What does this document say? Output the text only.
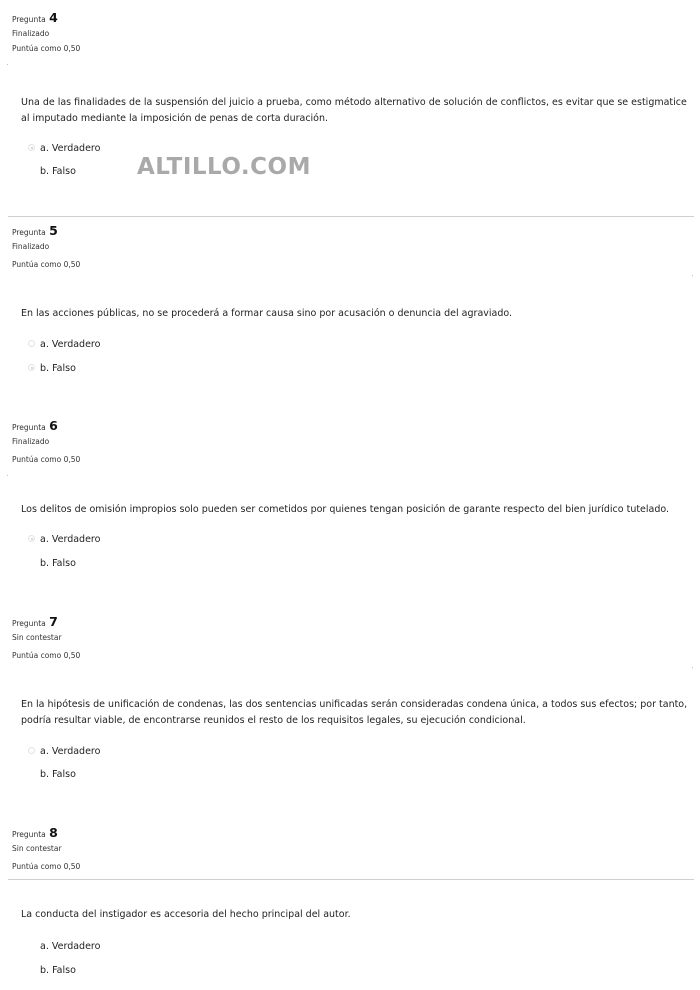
Pregunta 4
Finalizado
Puntúa como 0,50
Una de las finalidades de la suspensión del juicio a prueba, como método alternativo de solución de conflictos, es evitar que se estigmatice al imputado mediante la imposición de penas de corta duración.
a. Verdadero
b. Falso	ALTILLO.COM
Pregunta 5
Finalizado
Puntúa como 0,50
En las acciones públicas, no se procederá a formar causa sino por acusación o denuncia del agraviado.
a. Verdadero
b. Falso
Pregunta 6
Finalizado
Puntúa como 0,50
Los delitos de omisión impropios solo pueden ser cometidos por quienes tengan posición de garante respecto del bien jurídico tutelado.
a. Verdadero
b. Falso
Pregunta 7
Sin contestar
Puntúa como 0,50
En la hipótesis de unificación de condenas, las dos sentencias unificadas serán consideradas condena única, a todos sus efectos; por tanto, podría resultar viable, de encontrarse reunidos el resto de los requisitos legales, su ejecución condicional.
a. Verdadero
b. Falso
Pregunta 8
Sin contestar
Puntúa como 0,50
La conducta del instigador es accesoria del hecho principal del autor.
a. Verdadero
b. Falso
